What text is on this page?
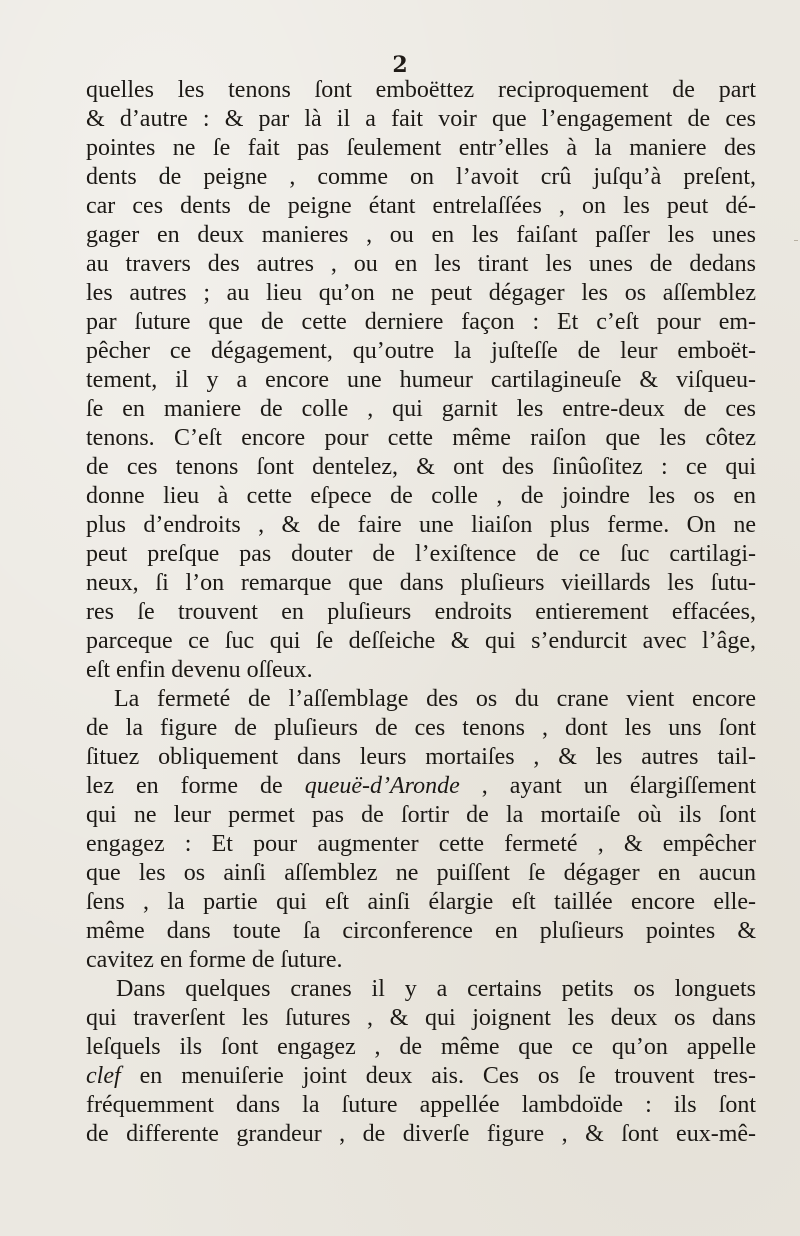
2

quelles les tenons ſont emboëttez reciproquement de part
& d’autre : & par là il a fait voir que l’engagement de ces
pointes ne ſe fait pas ſeulement entr’elles à la maniere des
dents de peigne , comme on l’avoit crû juſqu’à preſent,
car ces dents de peigne étant entrelaſſées , on les peut dé-
gager en deux manieres , ou en les faiſant paſſer les unes
au travers des autres , ou en les tirant les unes de dedans
les autres ; au lieu qu’on ne peut dégager les os aſſemblez
par ſuture que de cette derniere façon : Et c’eſt pour em-
pêcher ce dégagement, qu’outre la juſteſſe de leur emboët-
tement, il y a encore une humeur cartilagineuſe & viſqueu-
ſe en maniere de colle , qui garnit les entre-deux de ces
tenons. C’eſt encore pour cette même raiſon que les côtez
de ces tenons ſont dentelez, & ont des ſinûoſitez : ce qui
donne lieu à cette eſpece de colle , de joindre les os en
plus d’endroits , & de faire une liaiſon plus ferme. On ne
peut preſque pas douter de l’exiſtence de ce ſuc cartilagi-
neux, ſi l’on remarque que dans pluſieurs vieillards les ſutu-
res ſe trouvent en pluſieurs endroits entierement effacées,
parceque ce ſuc qui ſe deſſeiche & qui s’endurcit avec l’âge,
eſt enfin devenu oſſeux.

La fermeté de l’aſſemblage des os du crane vient encore
de la figure de pluſieurs de ces tenons , dont les uns ſont
ſituez obliquement dans leurs mortaiſes , & les autres tail-
lez en forme de queuë-d’Aronde , ayant un élargiſſement
qui ne leur permet pas de ſortir de la mortaiſe où ils ſont
engagez : Et pour augmenter cette fermeté , & empêcher
que les os ainſi aſſemblez ne puiſſent ſe dégager en aucun
ſens , la partie qui eſt ainſi élargie eſt taillée encore elle-
même dans toute ſa circonference en pluſieurs pointes &
cavitez en forme de ſuture.

Dans quelques cranes il y a certains petits os longuets
qui traverſent les ſutures , & qui joignent les deux os dans
leſquels ils ſont engagez , de même que ce qu’on appelle
clef en menuiſerie joint deux ais. Ces os ſe trouvent tres-
fréquemment dans la ſuture appellée lambdoïde : ils ſont
de differente grandeur , de diverſe figure , & ſont eux-mê-
